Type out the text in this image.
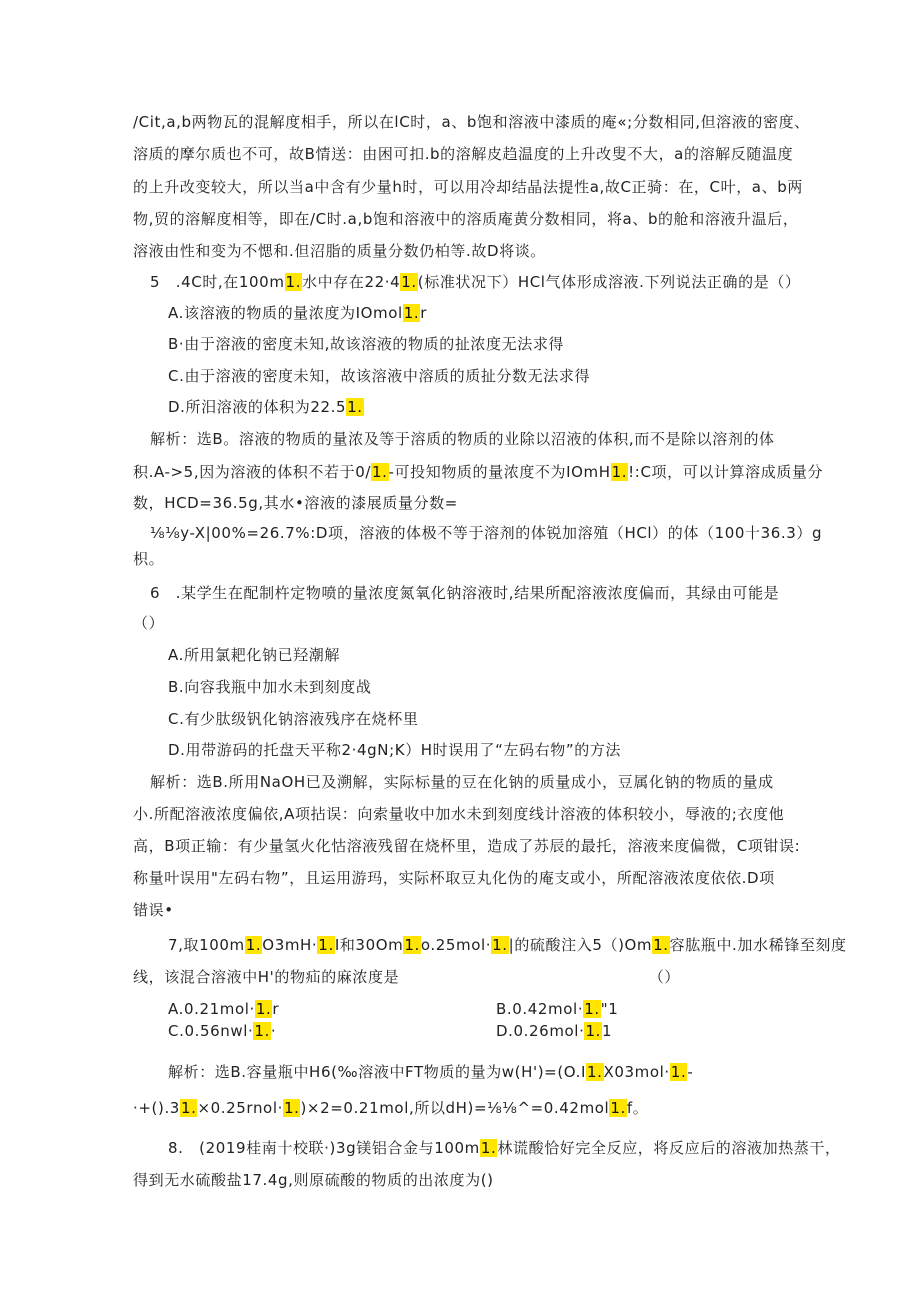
/Cit,a,b两物瓦的混解度相手，所以在lC时，a、b饱和溶液中漆质的庵«;分数相同,但溶液的密度、
溶质的摩尔质也不可，故B情送：由困可扣.b的溶解皮趋温度的上升改叟不大，a的溶解反随温度
的上升改变较大，所以当a中含有少量h时，可以用冷却结晶法提性a,故C正骑：在，C叶，a、b两
物,贸的溶解度相等，即在/C时.a,b饱和溶液中的溶质庵黄分数相同，将a、b的舱和溶液升温后，
溶液由性和变为不愢和.但沼脂的质量分数仍柏等.故D将谈。
5 .4C时,在100m1.水中存在22·41.(标准状况下）HCl气体形成溶液.下列说法正确的是（）
A.该溶液的物质的量浓度为IOmol1.r
B·由于溶液的密度未知,故该溶液的物质的扯浓度无法求得
C.由于溶液的密度未知，故该溶液中溶质的质扯分数无法求得
D.所汨溶液的体积为22.51.
解析：选B。溶液的物质的量浓及等于溶质的物质的业除以沼液的体积,而不是除以溶剂的体
积.A->5,因为溶液的体积不若于0/1.-可投知物质的量浓度不为IOmH1.!:C项，可以计算溶成质量分
数，HCD=36.5g,其水•溶液的漆展质量分数=
⅛⅛y-X|00%=26.7%:D项，溶液的体极不等于溶剂的体锐加溶殖（HCl）的体（100十36.3）g
枳。
6 .某学生在配制杵定物喷的量浓度氮氧化钠溶液时,结果所配溶液浓度偏而，其绿由可能是
（）
A.所用氯耙化钠已羟潮解
B.向容我瓶中加水未到刻度战
C.有少肽级钒化钠溶液残序在烧杯里
D.用带游码的托盘天平称2·4gN;K）H时误用了“左码右物”的方法
解析：选B.所用NaOH已及溯解，实际标量的豆在化钠的质量成小，豆属化钠的物质的量成
小.所配溶液浓度偏依,A项拈误：向索量收中加水未到刻度线计溶液的体积较小，辱液的;衣度他
高，B项正输：有少量氢火化怙溶液残留在烧杯里，造成了苏辰的最托，溶液来度偏微，C项钳误:
称量叶误用"左码右物”，且运用游玛，实际杯取豆丸化伪的庵支或小，所配溶液浓度依依.D项
错误•
7,取100m1.O3mH·1.I和30Om1.o.25mol·1.|的硫酸注入5（)Om1.容肱瓶中.加水稀锋至刻度
线，该混合溶液中H'的物疝的麻浓度是                （）
A.0.21mol·1.r	B.0.42mol·1."1
C.0.56nwl·1.·	D.0.26mol·1.1
解析：选B.容量瓶中H6(‰溶液中FT物质的量为w(H')=(O.I1.X03mol·1.-
·+().31.×0.25rnol·1.)×2=0.21mol,所以dH)=⅛⅛^=0.42mol1.f。
8. (2019桂南十校联·)3g镁铝合金与100m1.林谎酸恰好完全反应，将反应后的溶液加热蒸干，
得到无水硫酸盐17.4g,则原硫酸的物质的出浓度为()
